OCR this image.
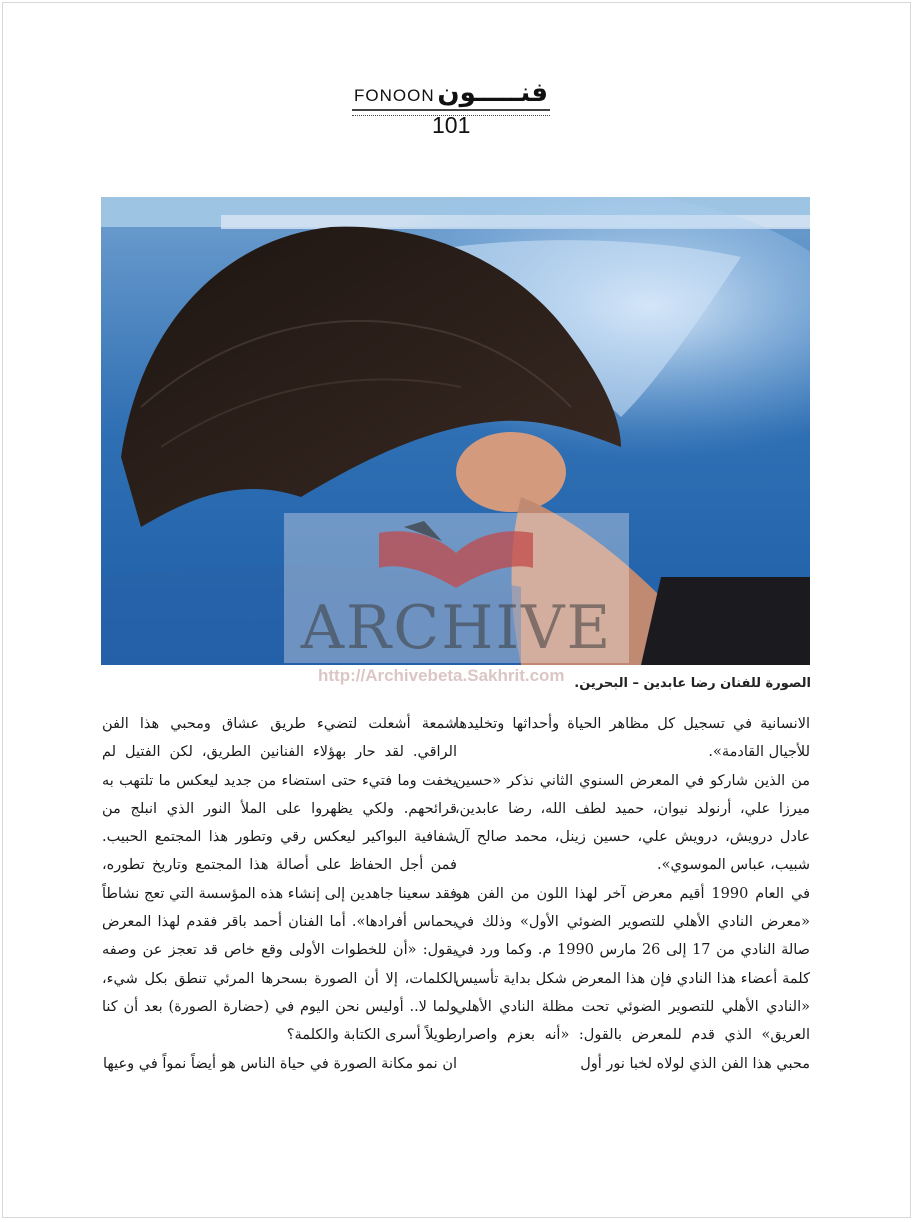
FONOON فنـــــون
101
ARCHIVE
http://Archivebeta.Sakhrit.com الصورة للفنان رضا عابدين – البحرين.

الانسانية في تسجيل كل مظاهر الحياة وأحداثها وتخليدها للأجيال القادمة».

من الذين شاركو في المعرض السنوي الثاني نذكر «حسين ميرزا علي، أرنولد نيوان، حميد لطف الله، رضا عابدين، عادل درويش، درويش علي، حسين زينل، محمد صالح آل شبيب، عباس الموسوي».

في العام 1990 أقيم معرض آخر لهذا اللون من الفن هو «معرض النادي الأهلي للتصوير الضوئي الأول» وذلك في صالة النادي من 17 إلى 26 مارس 1990 م. وكما ورد في كلمة أعضاء هذا النادي فإن هذا المعرض شكل بداية تأسيس «النادي الأهلي للتصوير الضوئي تحت مظلة النادي الأهلي العريق» الذي قدم للمعرض بالقول: «أنه بعزم واصرار محبي هذا الفن الذي لولاه لخبا نور أول

شمعة أشعلت لتضيء طريق عشاق ومحبي هذا الفن الراقي. لقد حار بهؤلاء الفنانين الطريق، لكن الفتيل لم يخفت وما فتيء حتى استضاء من جديد ليعكس ما تلتهب به قرائحهم. ولكي يظهروا على الملأ النور الذي انبلج من شفافية البواكير ليعكس رقي وتطور هذا المجتمع الحبيب. فمن أجل الحفاظ على أصالة هذا المجتمع وتاريخ تطوره، فقد سعينا جاهدين إلى إنشاء هذه المؤسسة التي تعج نشاطاً بحماس أفرادها». أما الفنان أحمد باقر فقدم لهذا المعرض يقول: «أن للخطوات الأولى وقع خاص قد تعجز عن وصفه الكلمات، إلا أن الصورة بسحرها المرئي تنطق بكل شيء، ولما لا.. أوليس نحن اليوم في (حضارة الصورة) بعد أن كنا طويلاً أسرى الكتابة والكلمة؟

ان نمو مكانة الصورة في حياة الناس هو أيضاً نمواً في وعيها
